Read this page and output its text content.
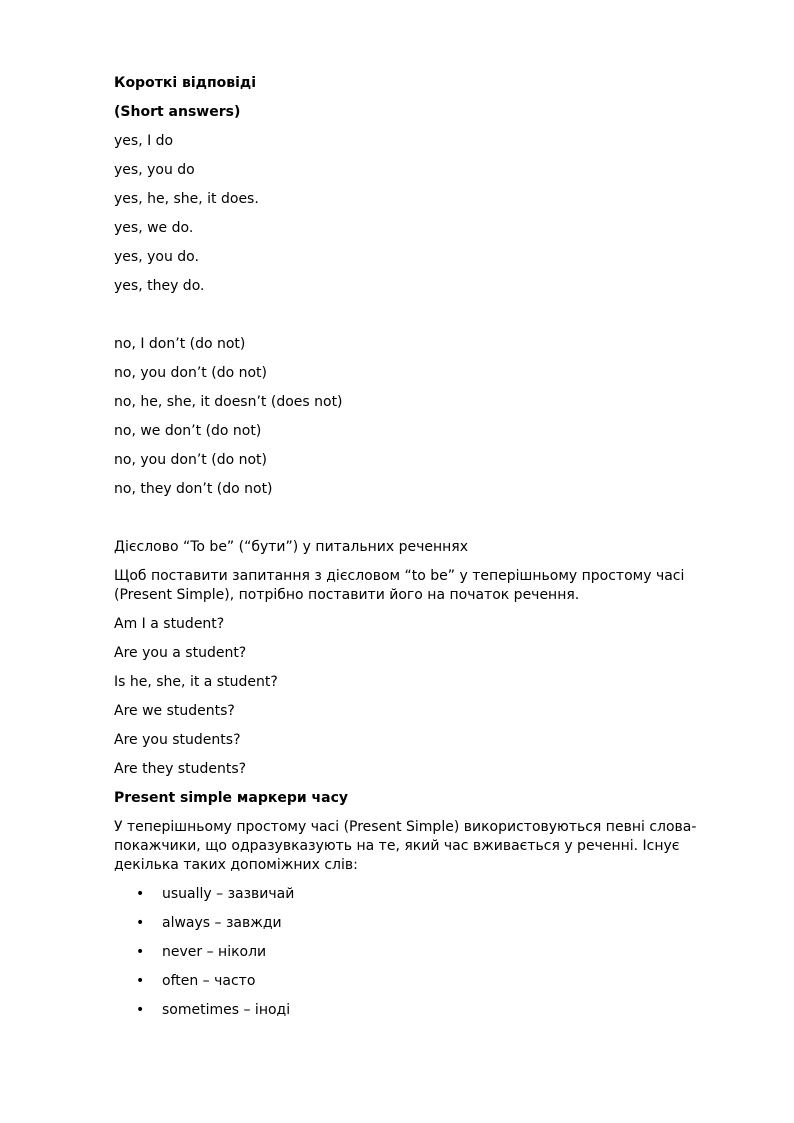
Короткі відповіді

(Short answers)

yes, I do

yes, you do

yes, he, she, it does.

yes, we do.

yes, you do.

yes, they do.

no, I don’t (do not)

no, you don’t (do not)

no, he, she, it doesn’t (does not)

no, we don’t (do not)

no, you don’t (do not)

no, they don’t (do not)

Дієслово “To be” (“бути”) у питальних реченнях

Щоб поставити запитання з дієсловом “to be” у теперішньому простому часі (Present Simple), потрібно поставити його на початок речення.

Am I a student?

Are you a student?

Is he, she, it a student?

Are we students?

Are you students?

Are they students?

Present simple маркери часу

У теперішньому простому часі (Present Simple) використовуються певні слова-покажчики, що одразувказують на те, який час вживається у реченні. Існує декілька таких допоміжних слів:

• usually – зазвичай
• always – завжди
• never – ніколи
• often – часто
• sometimes – іноді
